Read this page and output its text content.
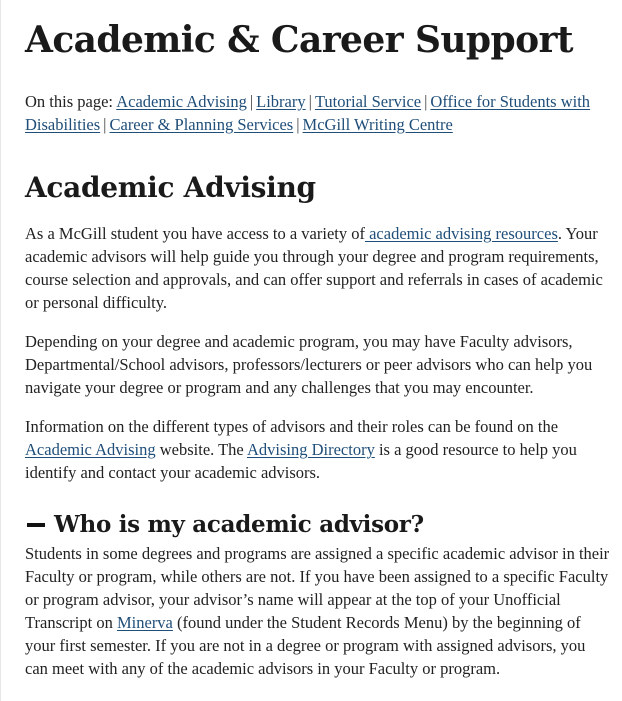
Academic & Career Support
On this page: Academic Advising | Library | Tutorial Service | Office for Students with Disabilities | Career & Planning Services | McGill Writing Centre
Academic Advising

As a McGill student you have access to a variety of academic advising resources. Your academic advisors will help guide you through your degree and program requirements, course selection and approvals, and can offer support and referrals in cases of academic or personal difficulty.

Depending on your degree and academic program, you may have Faculty advisors, Departmental/School advisors, professors/lecturers or peer advisors who can help you navigate your degree or program and any challenges that you may encounter.

Information on the different types of advisors and their roles can be found on the Academic Advising website. The Advising Directory is a good resource to help you identify and contact your academic advisors.

Who is my academic advisor?

Students in some degrees and programs are assigned a specific academic advisor in their Faculty or program, while others are not. If you have been assigned to a specific Faculty or program advisor, your advisor’s name will appear at the top of your Unofficial Transcript on Minerva (found under the Student Records Menu) by the beginning of your first semester. If you are not in a degree or program with assigned advisors, you can meet with any of the academic advisors in your Faculty or program.
